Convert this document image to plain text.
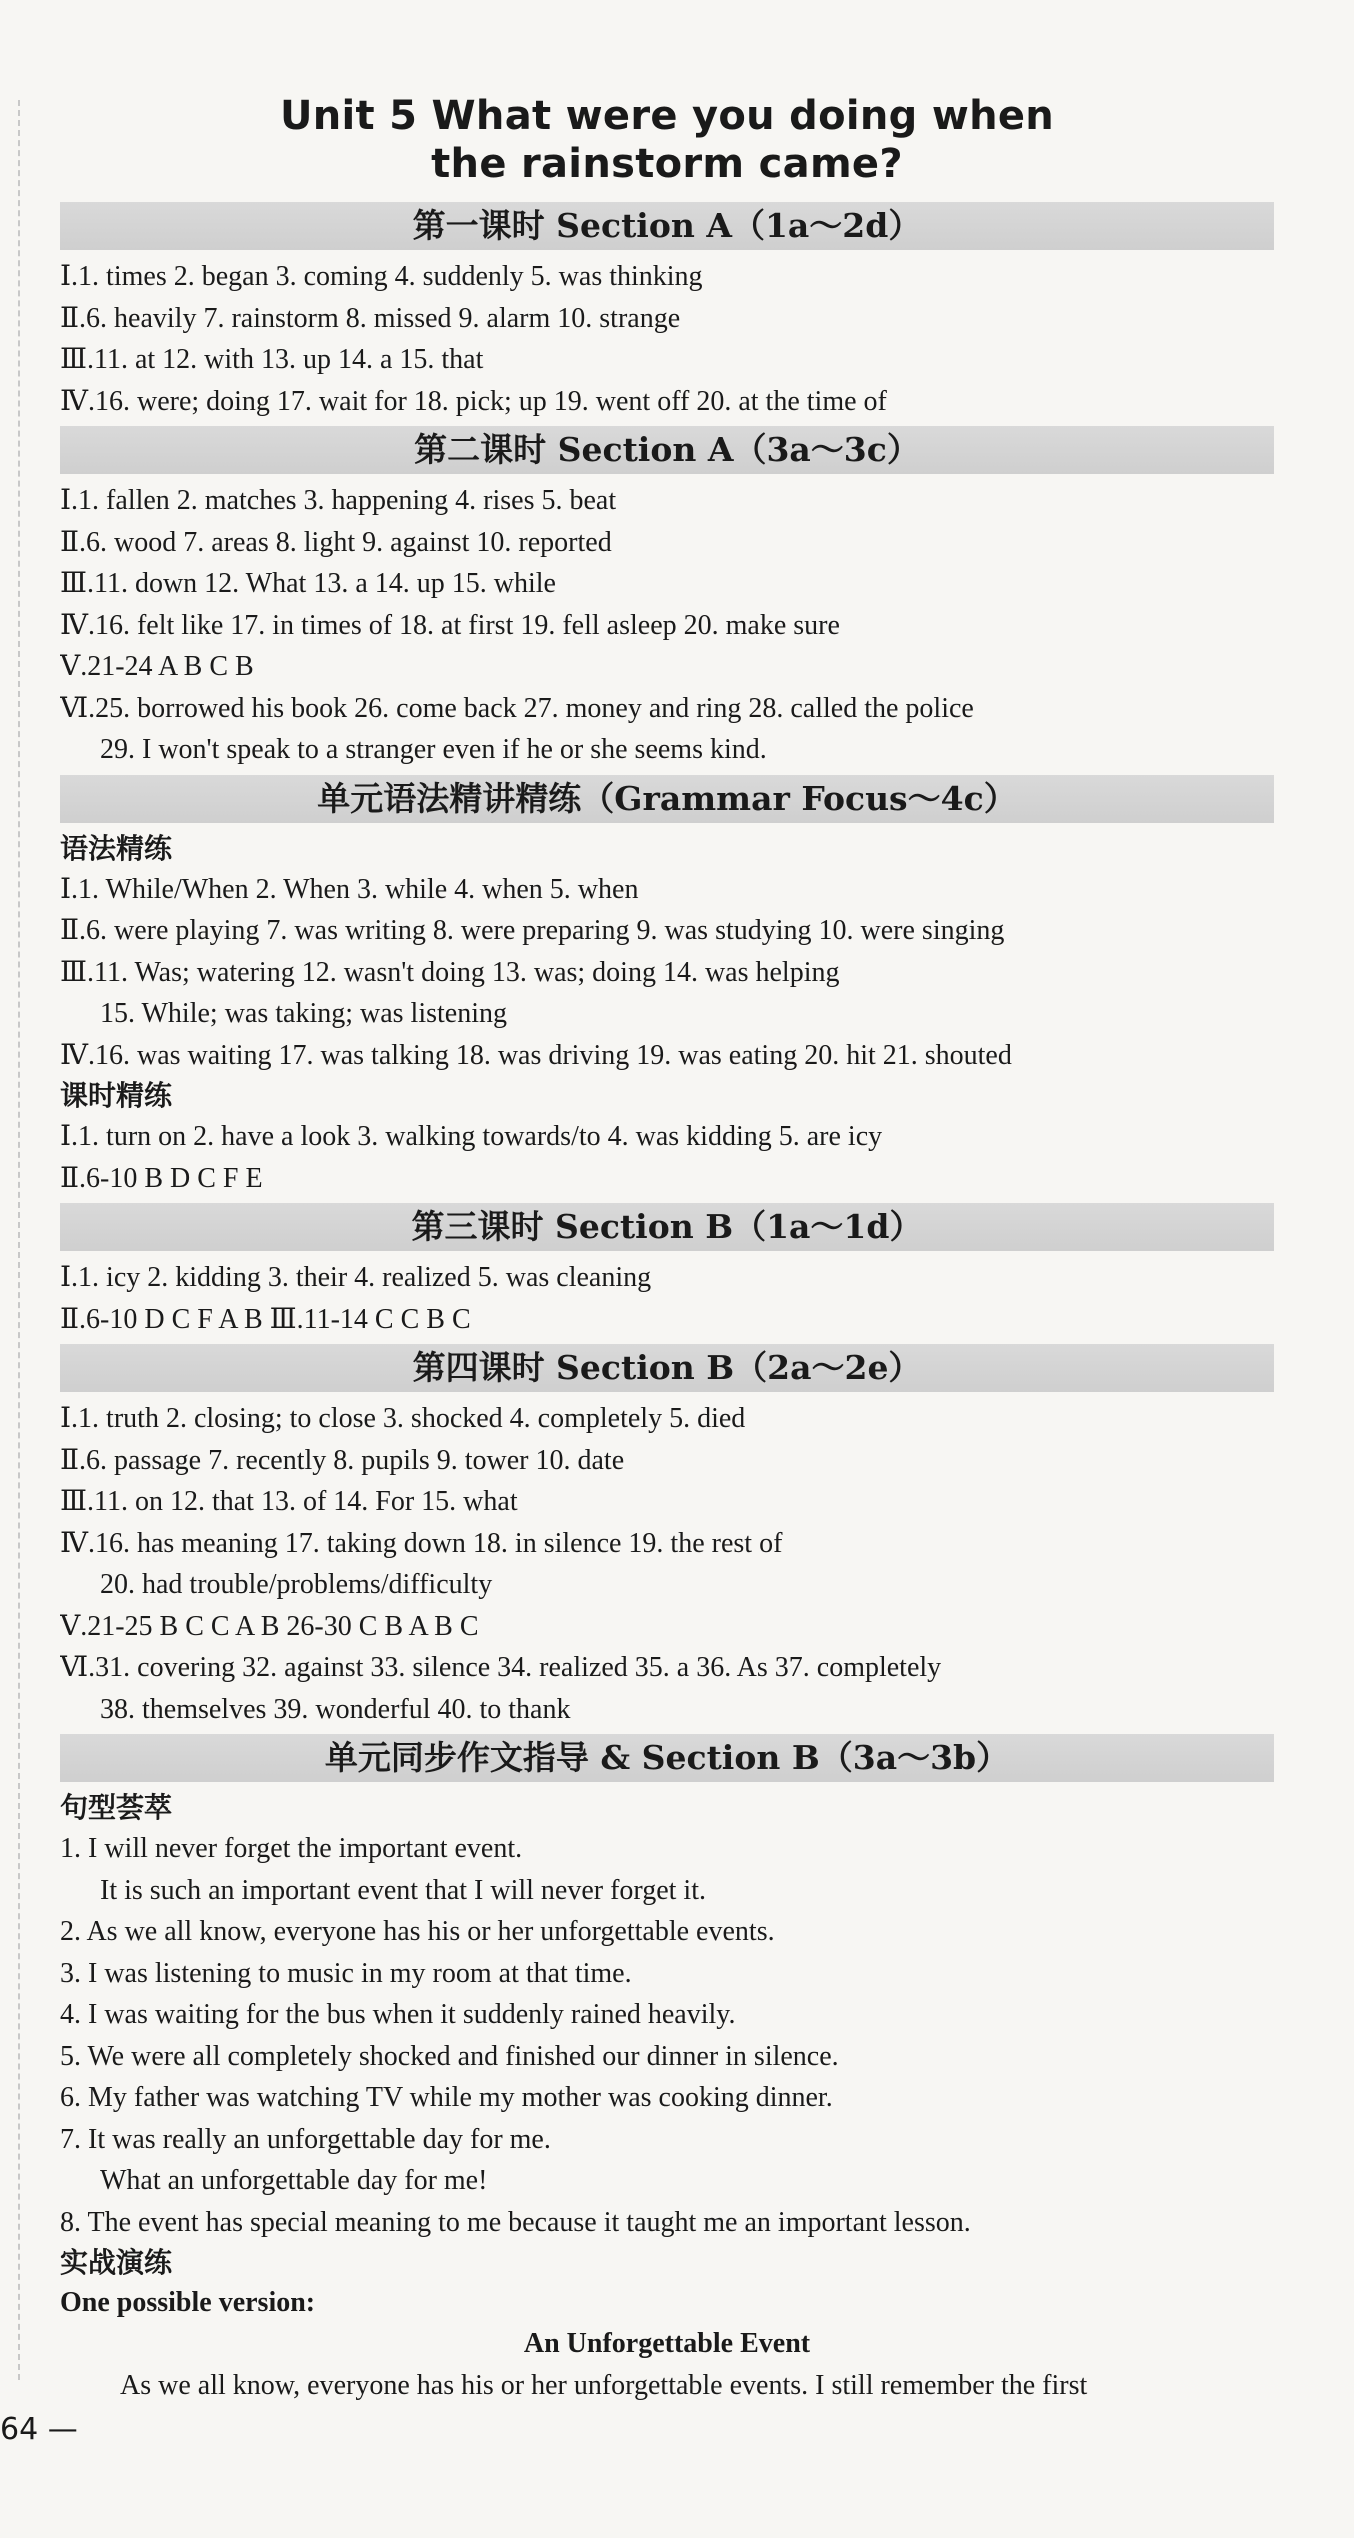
Unit 5 What were you doing when
the rainstorm came?
第一课时 Section A（1a～2d）
Ⅰ.1. times 2. began 3. coming 4. suddenly 5. was thinking
Ⅱ.6. heavily 7. rainstorm 8. missed 9. alarm 10. strange
Ⅲ.11. at 12. with 13. up 14. a 15. that
Ⅳ.16. were; doing 17. wait for 18. pick; up 19. went off 20. at the time of
第二课时 Section A（3a～3c）
Ⅰ.1. fallen 2. matches 3. happening 4. rises 5. beat
Ⅱ.6. wood 7. areas 8. light 9. against 10. reported
Ⅲ.11. down 12. What 13. a 14. up 15. while
Ⅳ.16. felt like 17. in times of 18. at first 19. fell asleep 20. make sure
Ⅴ.21-24 A B C B
Ⅵ.25. borrowed his book 26. come back 27. money and ring 28. called the police
29. I won't speak to a stranger even if he or she seems kind.
单元语法精讲精练（Grammar Focus～4c）
语法精练
Ⅰ.1. While/When 2. When 3. while 4. when 5. when
Ⅱ.6. were playing 7. was writing 8. were preparing 9. was studying 10. were singing
Ⅲ.11. Was; watering 12. wasn't doing 13. was; doing 14. was helping
15. While; was taking; was listening
Ⅳ.16. was waiting 17. was talking 18. was driving 19. was eating 20. hit 21. shouted
课时精练
Ⅰ.1. turn on 2. have a look 3. walking towards/to 4. was kidding 5. are icy
Ⅱ.6-10 B D C F E
第三课时 Section B（1a～1d）
Ⅰ.1. icy 2. kidding 3. their 4. realized 5. was cleaning
Ⅱ.6-10 D C F A B Ⅲ.11-14 C C B C
第四课时 Section B（2a～2e）
Ⅰ.1. truth 2. closing; to close 3. shocked 4. completely 5. died
Ⅱ.6. passage 7. recently 8. pupils 9. tower 10. date
Ⅲ.11. on 12. that 13. of 14. For 15. what
Ⅳ.16. has meaning 17. taking down 18. in silence 19. the rest of
20. had trouble/problems/difficulty
Ⅴ.21-25 B C C A B 26-30 C B A B C
Ⅵ.31. covering 32. against 33. silence 34. realized 35. a 36. As 37. completely
38. themselves 39. wonderful 40. to thank
单元同步作文指导 & Section B（3a～3b）
句型荟萃
1. I will never forget the important event.
It is such an important event that I will never forget it.
2. As we all know, everyone has his or her unforgettable events.
3. I was listening to music in my room at that time.
4. I was waiting for the bus when it suddenly rained heavily.
5. We were all completely shocked and finished our dinner in silence.
6. My father was watching TV while my mother was cooking dinner.
7. It was really an unforgettable day for me.
What an unforgettable day for me!
8. The event has special meaning to me because it taught me an important lesson.
实战演练
One possible version:
An Unforgettable Event
As we all know, everyone has his or her unforgettable events. I still remember the first
64 —
